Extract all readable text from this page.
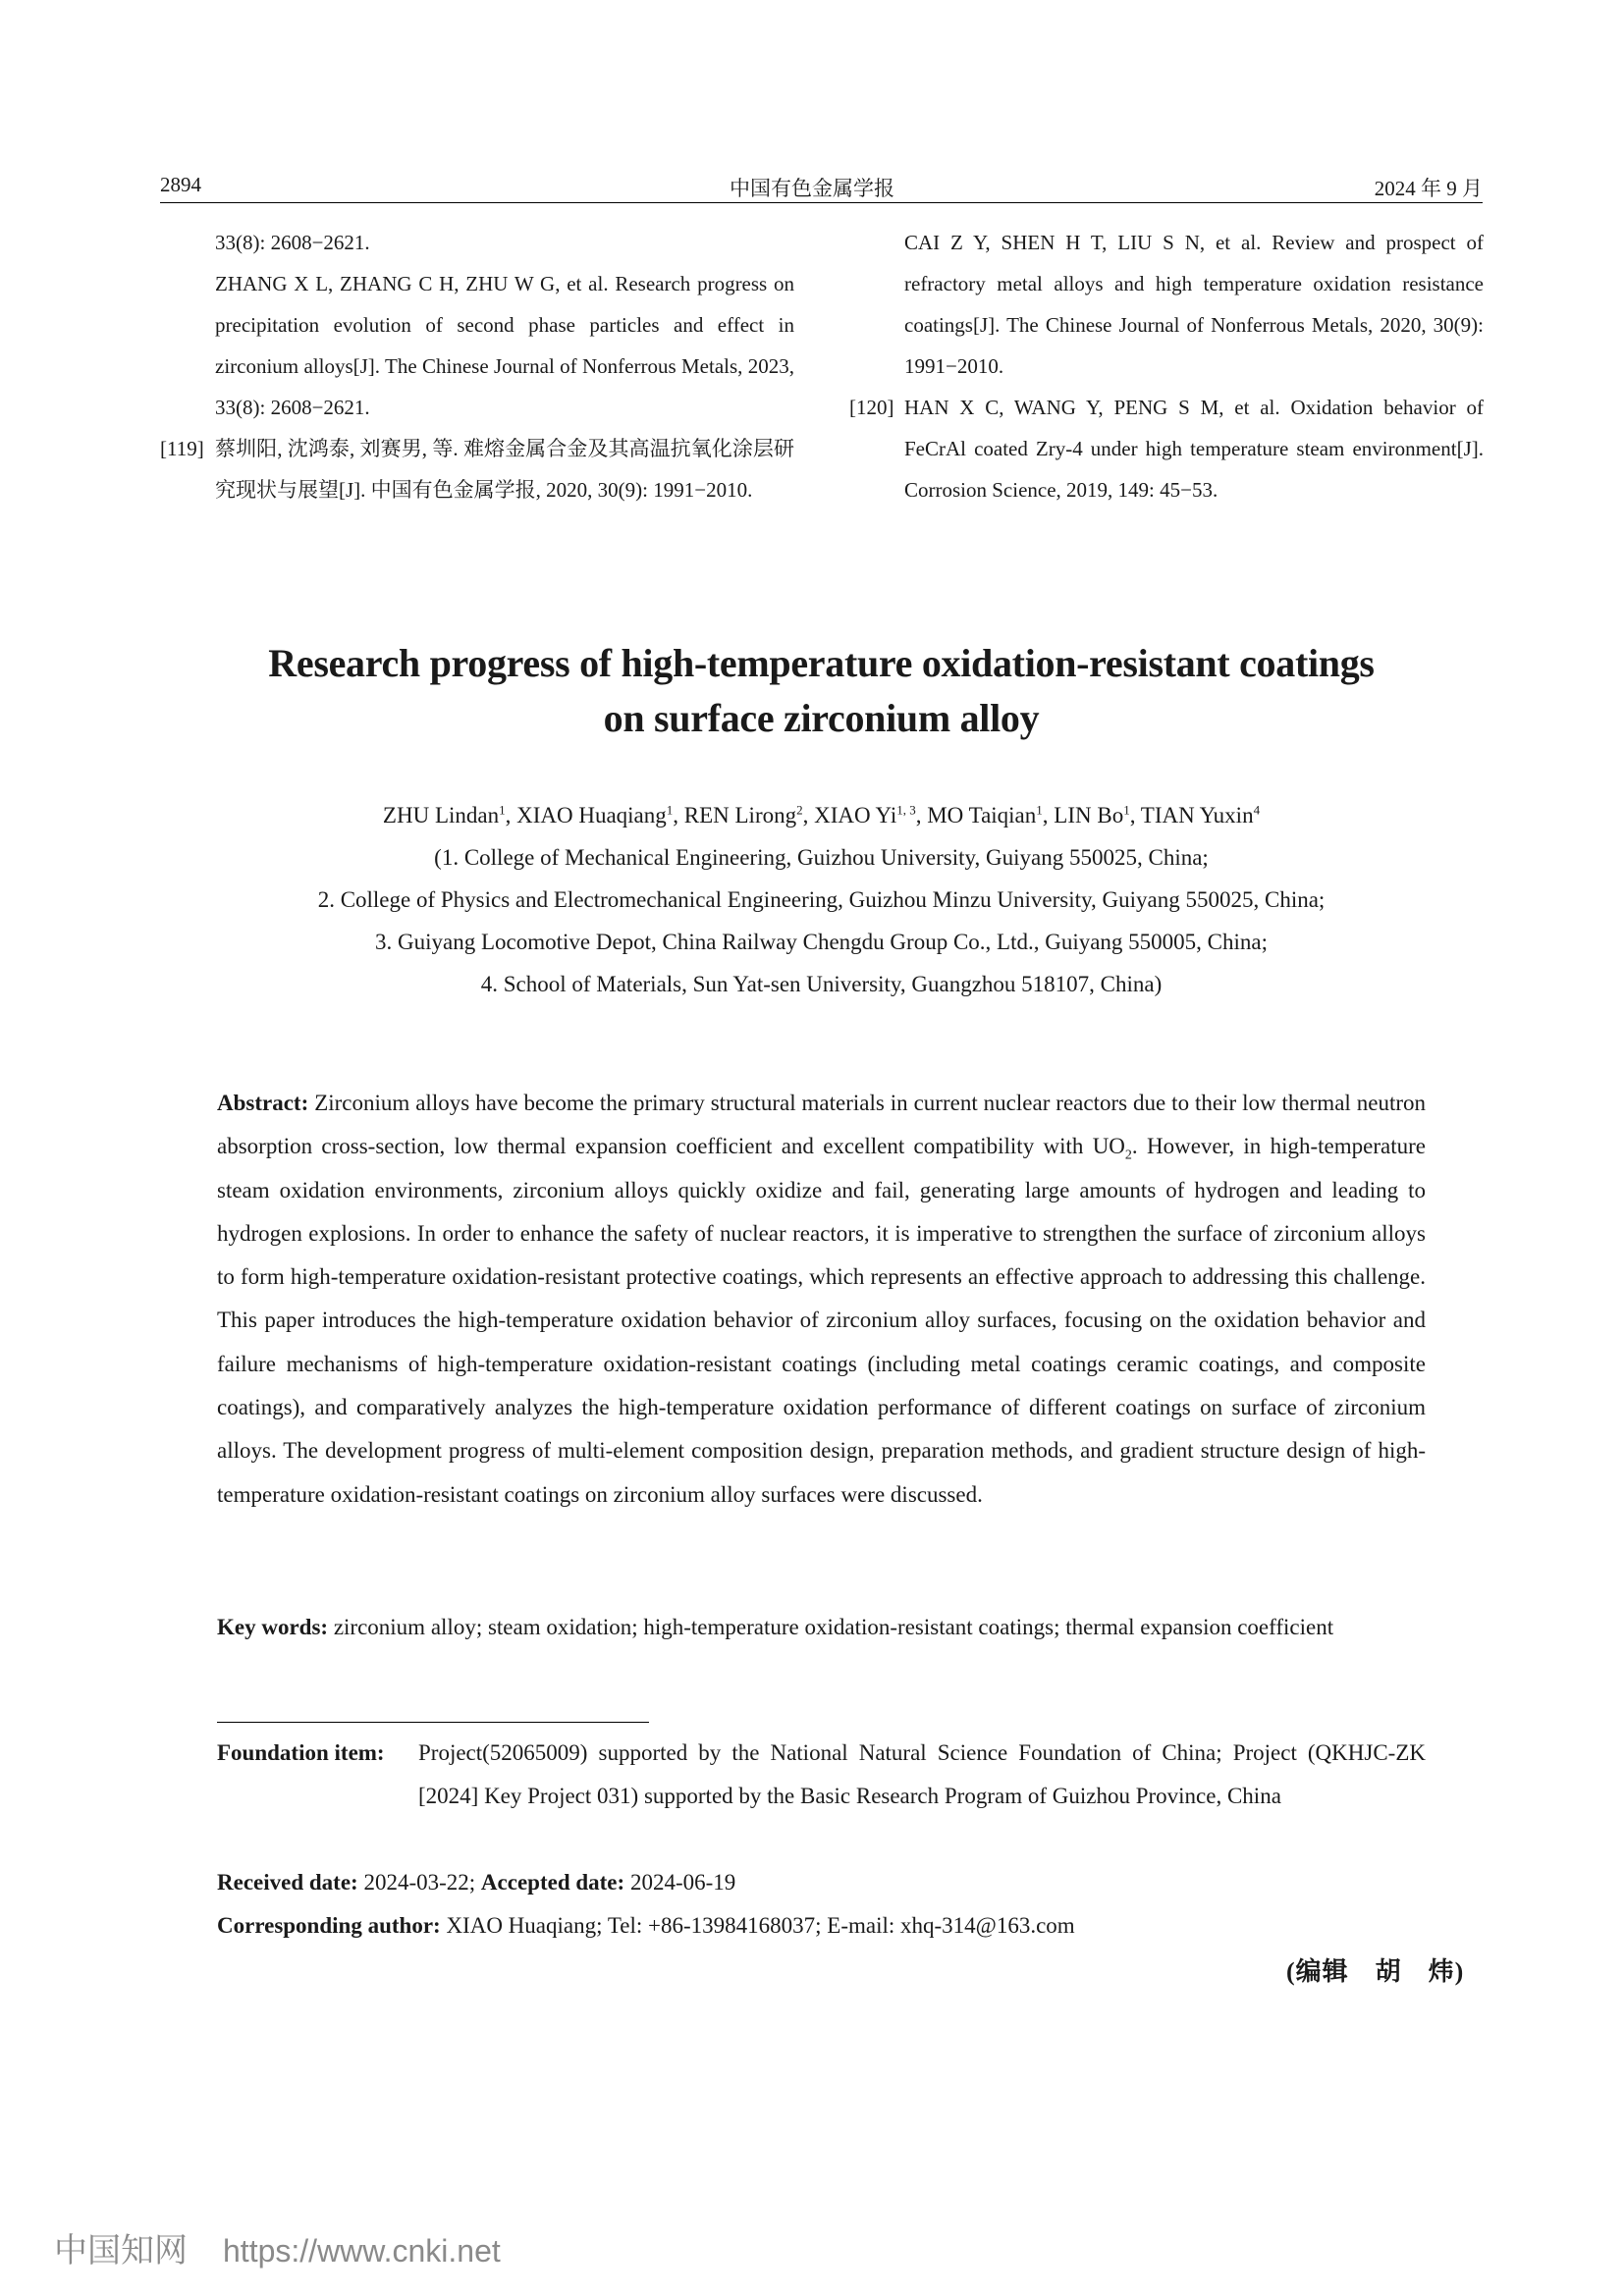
2894	中国有色金属学报	2024 年 9 月
33(8): 2608−2621.
ZHANG X L, ZHANG C H, ZHU W G, et al. Research progress on precipitation evolution of second phase particles and effect in zirconium alloys[J]. The Chinese Journal of Nonferrous Metals, 2023, 33(8): 2608−2621.
[119] 蔡圳阳, 沈鸿泰, 刘赛男, 等. 难熔金属合金及其高温抗氧化涂层研究现状与展望[J]. 中国有色金属学报, 2020, 30(9): 1991−2010.
CAI Z Y, SHEN H T, LIU S N, et al. Review and prospect of refractory metal alloys and high temperature oxidation resistance coatings[J]. The Chinese Journal of Nonferrous Metals, 2020, 30(9): 1991−2010.
[120] HAN X C, WANG Y, PENG S M, et al. Oxidation behavior of FeCrAl coated Zry-4 under high temperature steam environment[J]. Corrosion Science, 2019, 149: 45−53.
Research progress of high-temperature oxidation-resistant coatings
on surface zirconium alloy
ZHU Lindan$^1$, XIAO Huaqiang$^1$, REN Lirong$^2$, XIAO Yi$^{1, 3}$, MO Taiqian$^1$, LIN Bo$^1$, TIAN Yuxin$^4$
(1. College of Mechanical Engineering, Guizhou University, Guiyang 550025, China;
2. College of Physics and Electromechanical Engineering, Guizhou Minzu University, Guiyang 550025, China;
3. Guiyang Locomotive Depot, China Railway Chengdu Group Co., Ltd., Guiyang 550005, China;
4. School of Materials, Sun Yat-sen University, Guangzhou 518107, China)
Abstract: Zirconium alloys have become the primary structural materials in current nuclear reactors due to their low thermal neutron absorption cross-section, low thermal expansion coefficient and excellent compatibility with $UO_2$. However, in high-temperature steam oxidation environments, zirconium alloys quickly oxidize and fail, generating large amounts of hydrogen and leading to hydrogen explosions. In order to enhance the safety of nuclear reactors, it is imperative to strengthen the surface of zirconium alloys to form high-temperature oxidation-resistant protective coatings, which represents an effective approach to addressing this challenge. This paper introduces the high-temperature oxidation behavior of zirconium alloy surfaces, focusing on the oxidation behavior and failure mechanisms of high-temperature oxidation-resistant coatings (including metal coatings ceramic coatings, and composite coatings), and comparatively analyzes the high-temperature oxidation performance of different coatings on surface of zirconium alloys. The development progress of multi-element composition design, preparation methods, and gradient structure design of high-temperature oxidation-resistant coatings on zirconium alloy surfaces were discussed.
Key words: zirconium alloy; steam oxidation; high-temperature oxidation-resistant coatings; thermal expansion coefficient
Foundation item: Project(52065009) supported by the National Natural Science Foundation of China; Project (QKHJC-ZK [2024] Key Project 031) supported by the Basic Research Program of Guizhou Province, China
Received date: 2024-03-22; Accepted date: 2024-06-19
Corresponding author: XIAO Huaqiang; Tel: +86-13984168037; E-mail: xhq-314@163.com
(编辑　胡　炜)
中国知网 https://www.cnki.net
